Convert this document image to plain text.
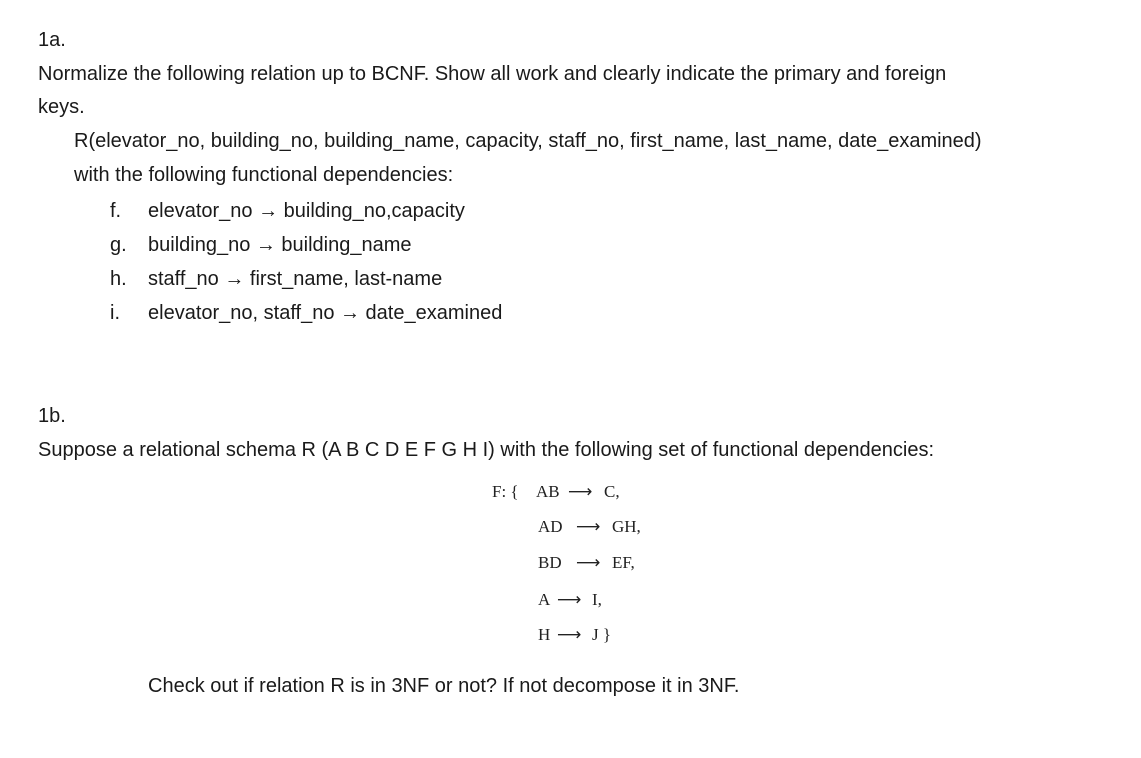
1a.
Normalize the following relation up to BCNF. Show all work and clearly indicate the primary and foreign
keys.
R(elevator_no, building_no, building_name, capacity, staff_no, first_name, last_name, date_examined)
with the following functional dependencies:
f. elevator_no → building_no,capacity
g. building_no → building_name
h. staff_no → first_name, last-name
i. elevator_no, staff_no → date_examined
1b.
Suppose a relational schema R (A B C D E F G H I) with the following set of functional dependencies:
F: { AB ⟶ C,
AD ⟶ GH,
BD ⟶ EF,
A ⟶ I,
H ⟶ J }
Check out if relation R is in 3NF or not? If not decompose it in 3NF.
